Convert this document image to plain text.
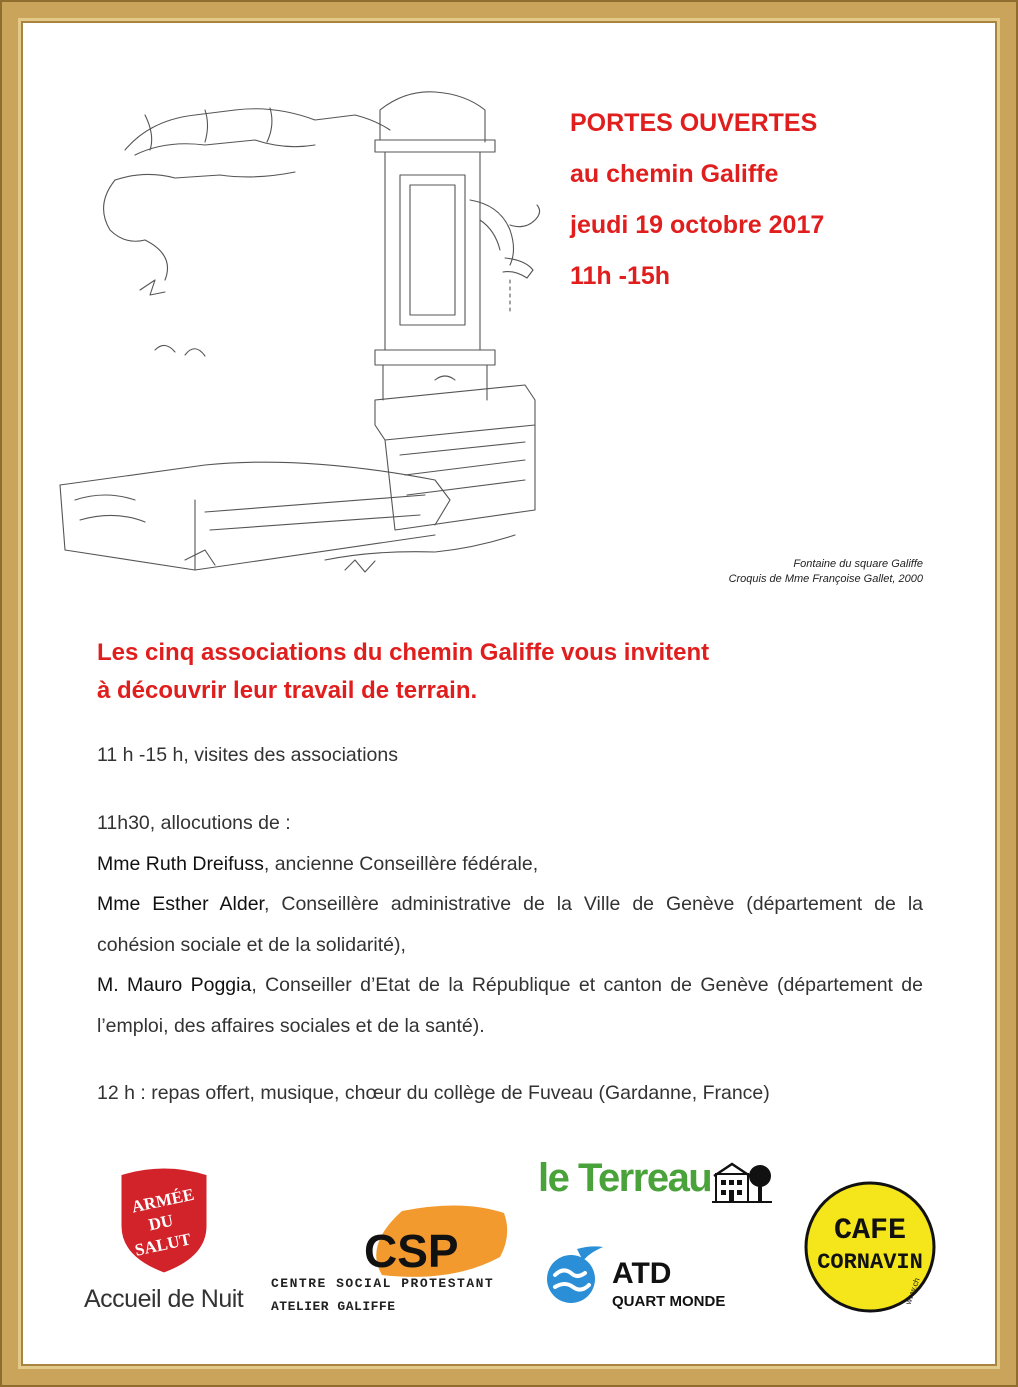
PORTES OUVERTES
au chemin Galiffe
jeudi 19 octobre 2017
11h -15h
Fontaine du square Galiffe
Croquis de Mme Françoise Gallet, 2000
Les cinq associations du chemin Galiffe vous invitent
à découvrir leur travail de terrain.
11 h -15 h, visites des associations
11h30, allocutions de :
Mme Ruth Dreifuss, ancienne Conseillère fédérale,
Mme Esther Alder, Conseillère administrative de la Ville de Genève (département de la cohésion sociale et de la solidarité),
M. Mauro Poggia, Conseiller d’Etat de la République et canton de Genève (département de l’emploi, des affaires sociales et de la santé).
12 h : repas offert, musique, chœur du collège de Fuveau (Gardanne, France)
ARMÉE
DU
SALUT
Accueil de Nuit
CSP
CENTRE SOCIAL PROTESTANT
ATELIER GALIFFE
le Terreau
ATD
QUART MONDE
CAFE
CORNAVIN
www.ch
